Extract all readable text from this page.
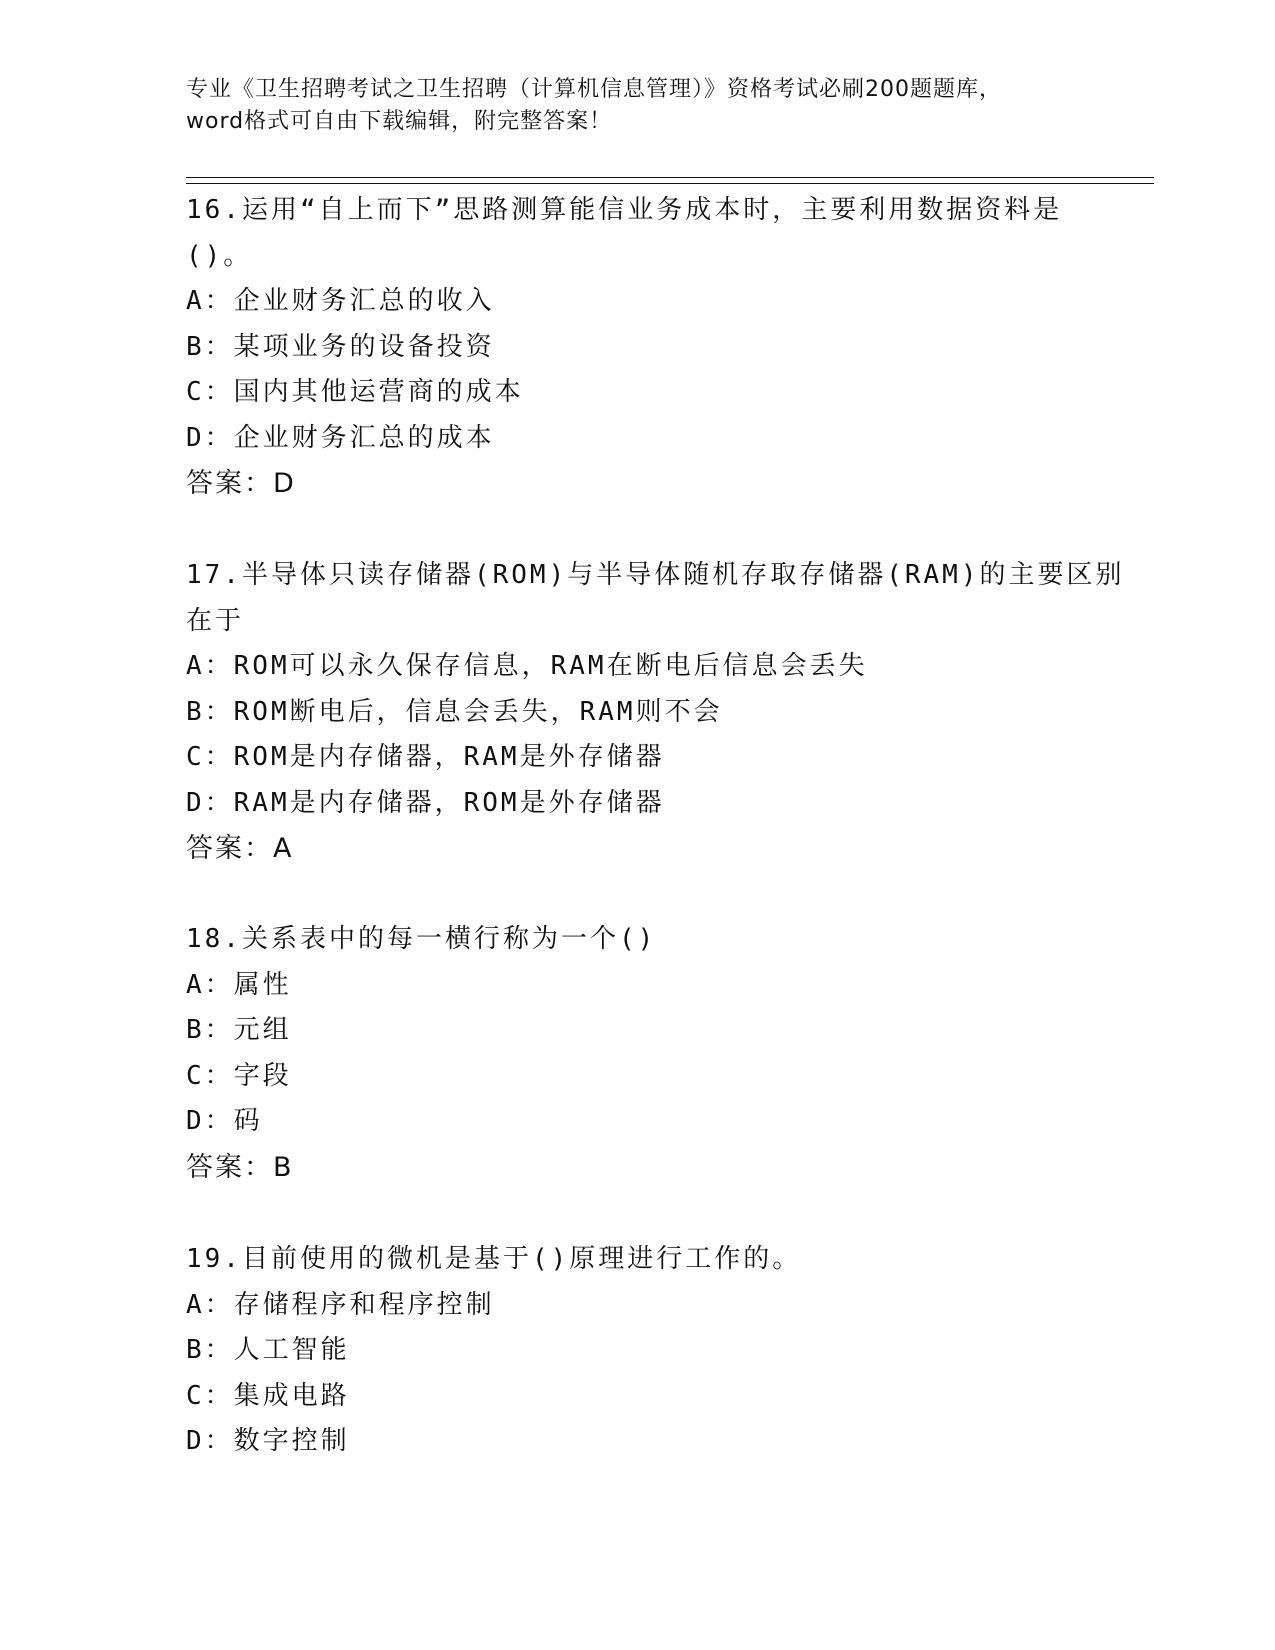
专业《卫生招聘考试之卫生招聘（计算机信息管理）》资格考试必刷200题题库，

word格式可自由下载编辑，附完整答案！

16.运用“自上而下”思路测算能信业务成本时，主要利用数据资料是
()。
A：企业财务汇总的收入
B：某项业务的设备投资
C：国内其他运营商的成本
D：企业财务汇总的成本
答案：D
17.半导体只读存储器(ROM)与半导体随机存取存储器(RAM)的主要区别
在于
A：ROM可以永久保存信息，RAM在断电后信息会丢失
B：ROM断电后，信息会丢失，RAM则不会
C：ROM是内存储器，RAM是外存储器
D：RAM是内存储器，ROM是外存储器
答案：A
18.关系表中的每一横行称为一个()
A：属性
B：元组
C：字段
D：码
答案：B
19.目前使用的微机是基于()原理进行工作的。
A：存储程序和程序控制
B：人工智能
C：集成电路
D：数字控制
